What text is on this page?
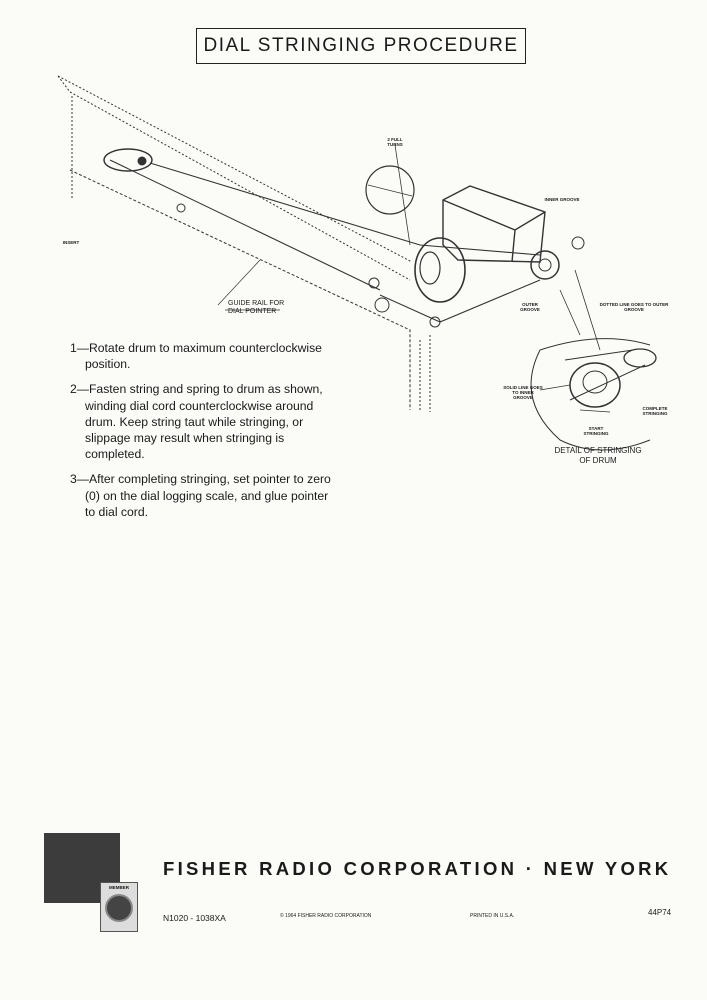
DIAL STRINGING PROCEDURE
2 FULL TURNS
INNER GROOVE
OUTER GROOVE
DOTTED LINE GOES TO OUTER GROOVE
SOLID LINE GOES TO INNER GROOVE
COMPLETE STRINGING
START STRINGING
INSERT
GUIDE RAIL FOR DIAL POINTER
DETAIL OF STRINGING OF DRUM
1—Rotate drum to maximum counterclockwise position.
2—Fasten string and spring to drum as shown, winding dial cord counterclockwise around drum. Keep string taut while stringing, or slippage may result when stringing is completed.
3—After completing stringing, set pointer to zero (0) on the dial logging scale, and glue pointer to dial cord.
MEMBER
FISHER RADIO CORPORATION · NEW YORK
N1020 - 1038XA	© 1964 FISHER RADIO CORPORATION	PRINTED IN U.S.A.	44P74
